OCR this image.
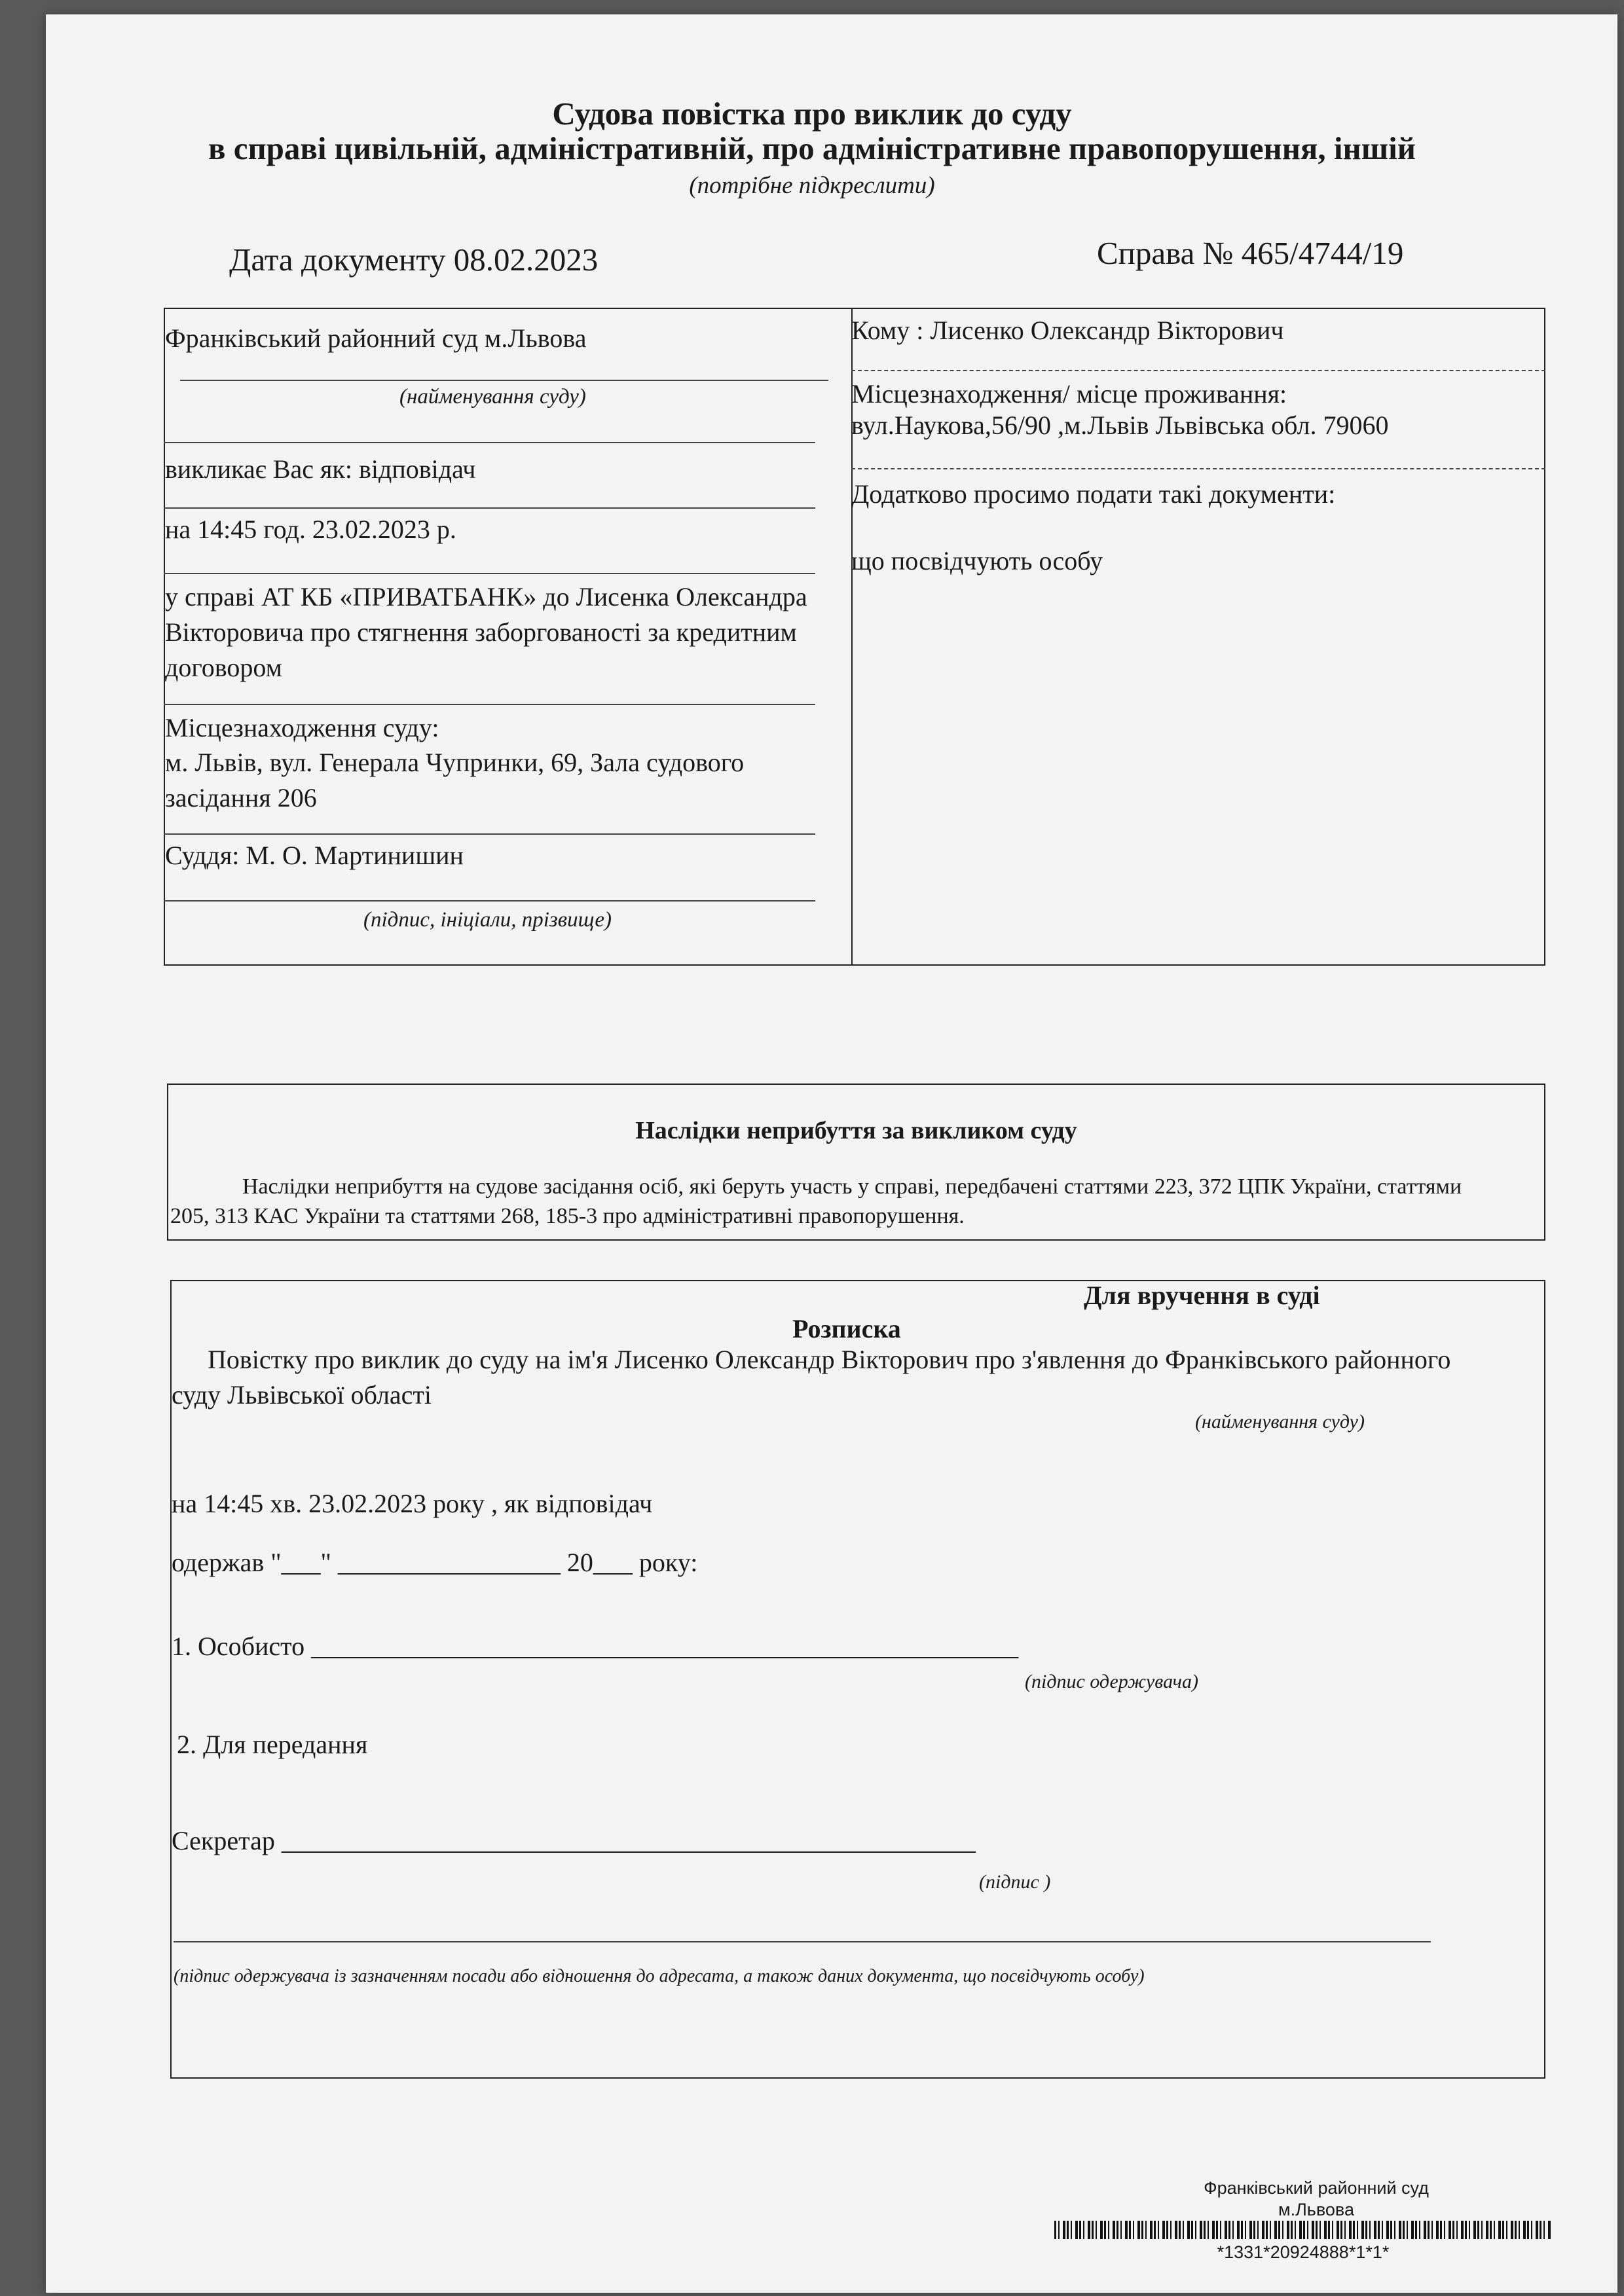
Судова повістка про виклик до суду
в справі цивільній, адміністративній, про адміністративне правопорушення, іншій
(потрібне підкреслити)
Дата документу 08.02.2023	Справа № 465/4744/19
Франківський районний суд м.Львова
(найменування суду)
викликає Вас як: відповідач
на 14:45 год. 23.02.2023 р.
у справі АТ КБ «ПРИВАТБАНК» до Лисенка Олександра Вікторовича про стягнення заборгованості за кредитним договором
Місцезнаходження суду:
м. Львів, вул. Генерала Чупринки, 69, Зала судового засідання 206
Суддя: М. О. Мартинишин
(підпис, ініціали, прізвище)
Кому : Лисенко Олександр Вікторович
Місцезнаходження/ місце проживання:
вул.Наукова,56/90 ,м.Львів Львівська обл. 79060
Додатково просимо подати такі документи:
що посвідчують особу
Наслідки неприбуття за викликом суду
Наслідки неприбуття на судове засідання осіб, які беруть участь у справі, передбачені статтями 223, 372 ЦПК України, статтями 205, 313 КАС України та статтями 268, 185-3 про адміністративні правопорушення.
Для вручення в суді
Розписка
Повістку про виклик до суду на ім'я Лисенко Олександр Вікторович про з'явлення до Франківського районного суду Львівської області
(найменування суду)
на 14:45 хв. 23.02.2023 року , як відповідач
одержав "___" _________________ 20___ року:
1. Особисто ______________________________________________________
(підпис одержувача)
2. Для передання
Секретар _____________________________________________________
(підпис )
(підпис одержувача із зазначенням посади або відношення до адресата, а також даних документа, що посвідчують особу)
Франківський районний суд
м.Львова
*1331*20924888*1*1*
